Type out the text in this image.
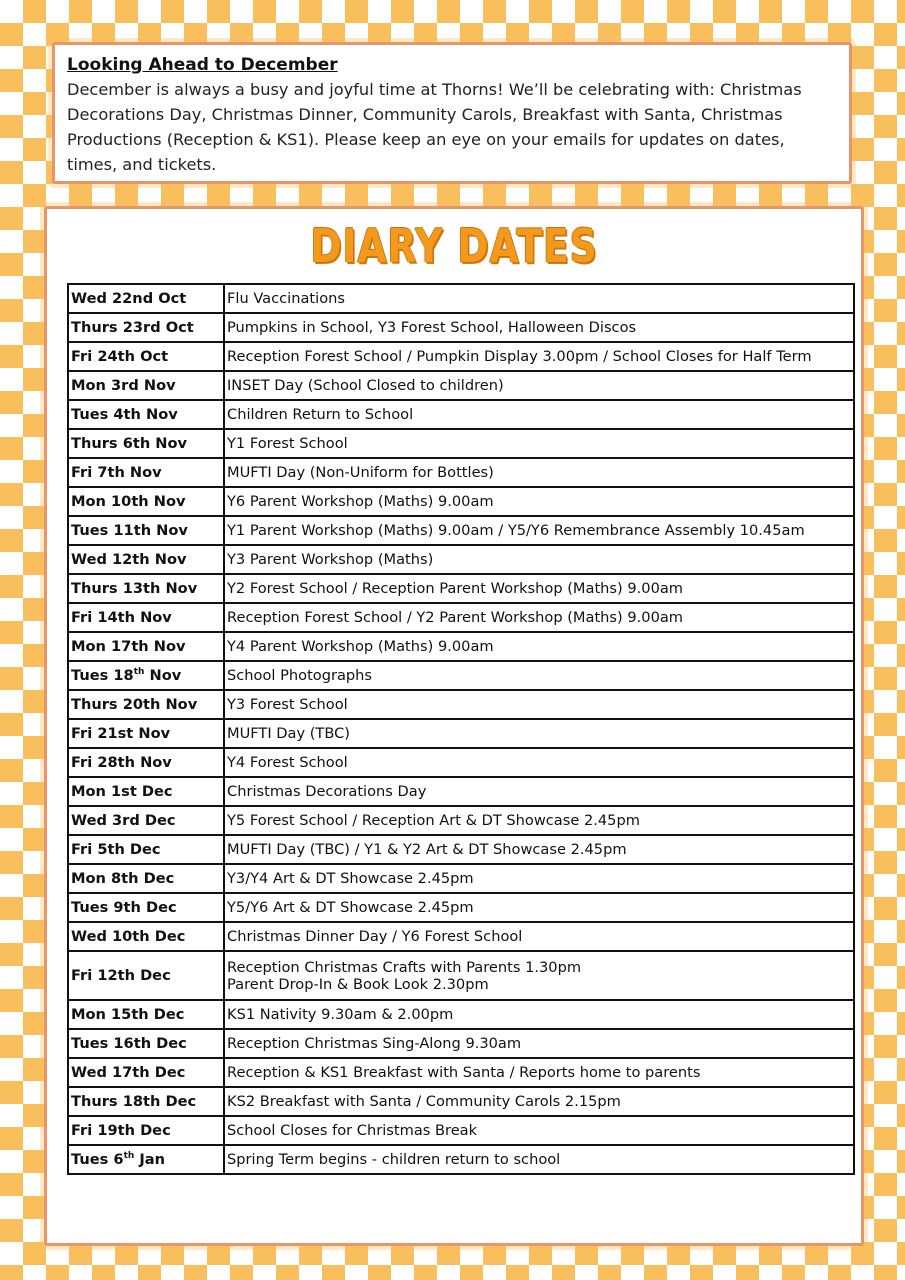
Looking Ahead to December

December is always a busy and joyful time at Thorns! We’ll be celebrating with: Christmas Decorations Day, Christmas Dinner, Community Carols, Breakfast with Santa, Christmas Productions (Reception & KS1). Please keep an eye on your emails for updates on dates, times, and tickets.

DIARY DATES
Wed 22nd Oct	Flu Vaccinations
Thurs 23rd Oct	Pumpkins in School, Y3 Forest School, Halloween Discos
Fri 24th Oct	Reception Forest School / Pumpkin Display 3.00pm / School Closes for Half Term
Mon 3rd Nov	INSET Day (School Closed to children)
Tues 4th Nov	Children Return to School
Thurs 6th Nov	Y1 Forest School
Fri 7th Nov	MUFTI Day (Non-Uniform for Bottles)
Mon 10th Nov	Y6 Parent Workshop (Maths) 9.00am
Tues 11th Nov	Y1 Parent Workshop (Maths) 9.00am / Y5/Y6 Remembrance Assembly 10.45am
Wed 12th Nov	Y3 Parent Workshop (Maths)
Thurs 13th Nov	Y2 Forest School / Reception Parent Workshop (Maths) 9.00am
Fri 14th Nov	Reception Forest School / Y2 Parent Workshop (Maths) 9.00am
Mon 17th Nov	Y4 Parent Workshop (Maths) 9.00am
Tues 18th Nov	School Photographs
Thurs 20th Nov	Y3 Forest School
Fri 21st Nov	MUFTI Day (TBC)
Fri 28th Nov	Y4 Forest School
Mon 1st Dec	Christmas Decorations Day
Wed 3rd Dec	Y5 Forest School / Reception Art & DT Showcase 2.45pm
Fri 5th Dec	MUFTI Day (TBC) / Y1 & Y2 Art & DT Showcase 2.45pm
Mon 8th Dec	Y3/Y4 Art & DT Showcase 2.45pm
Tues 9th Dec	Y5/Y6 Art & DT Showcase 2.45pm
Wed 10th Dec	Christmas Dinner Day / Y6 Forest School
Fri 12th Dec	Reception Christmas Crafts with Parents 1.30pm
Parent Drop-In & Book Look 2.30pm

Mon 15th Dec	KS1 Nativity 9.30am & 2.00pm
Tues 16th Dec	Reception Christmas Sing-Along 9.30am
Wed 17th Dec	Reception & KS1 Breakfast with Santa / Reports home to parents
Thurs 18th Dec	KS2 Breakfast with Santa / Community Carols 2.15pm
Fri 19th Dec	School Closes for Christmas Break
Tues 6th Jan	Spring Term begins - children return to school
